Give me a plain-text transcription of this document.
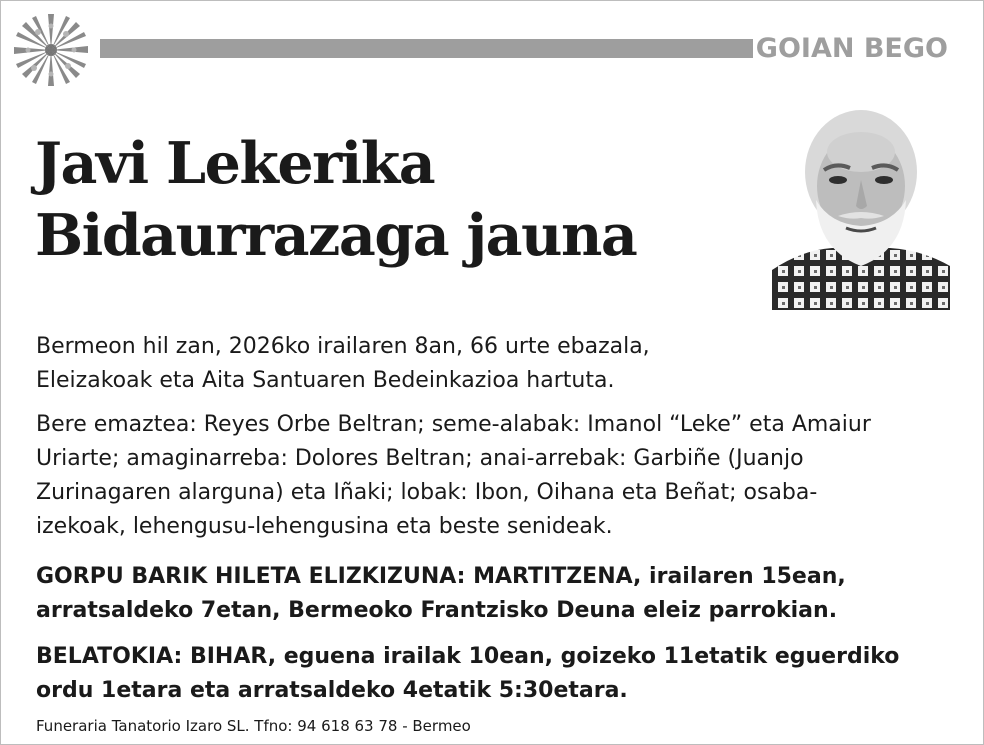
GOIAN BEGO
Javi Lekerika
Bidaurrazaga jauna
Bermeon hil zan, 2026ko irailaren 8an, 66 urte ebazala,
Eleizakoak eta Aita Santuaren Bedeinkazioa hartuta.
Bere emaztea: Reyes Orbe Beltran; seme-alabak: Imanol “Leke” eta Amaiur
Uriarte; amaginarreba: Dolores Beltran; anai-arrebak: Garbiñe (Juanjo
Zurinagaren alarguna) eta Iñaki; lobak: Ibon, Oihana eta Beñat; osaba-
izekoak, lehengusu-lehengusina eta beste senideak.
GORPU BARIK HILETA ELIZKIZUNA: MARTITZENA, irailaren 15ean,
arratsaldeko 7etan, Bermeoko Frantzisko Deuna eleiz parrokian.
BELATOKIA: BIHAR, eguena irailak 10ean, goizeko 11etatik eguerdiko
ordu 1etara eta arratsaldeko 4etatik 5:30etara.
Funeraria Tanatorio Izaro SL. Tfno: 94 618 63 78 - Bermeo
